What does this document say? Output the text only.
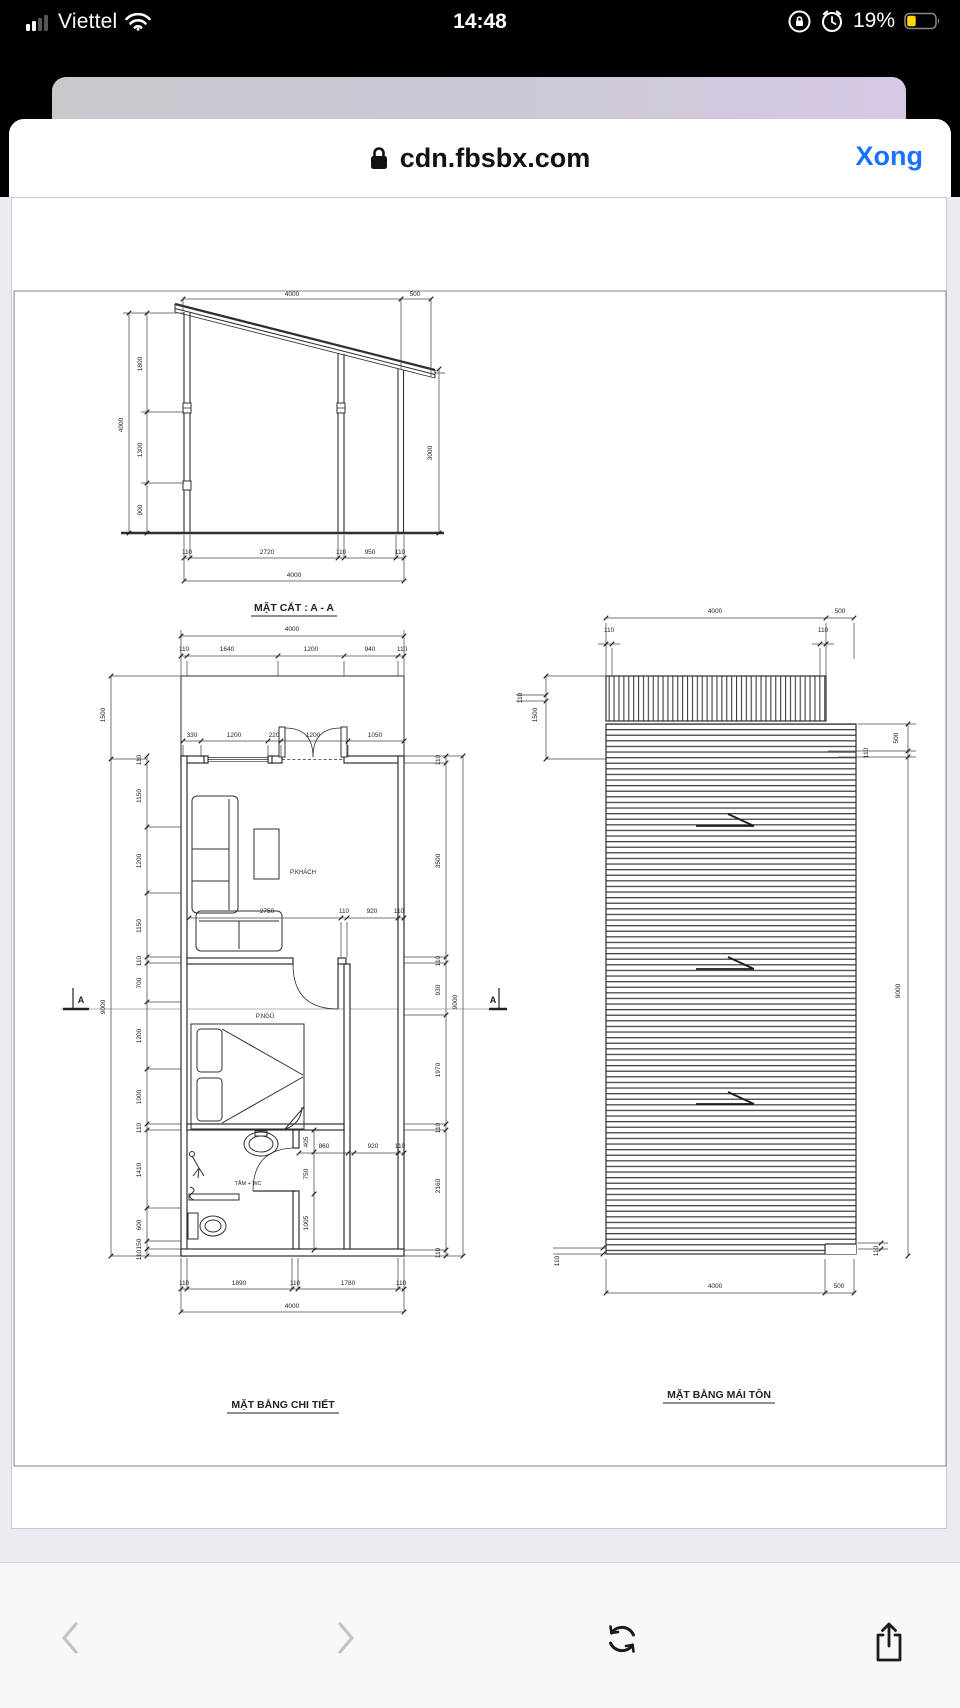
Viettel	14:48	19%
cdn.fbsbx.com	Xong
4000	500
1800
1300
900
4000
3000
110	2720	110	950	110
4000
MẶT CẮT : A - A
4000
110	1640	1200	940	110
330	1200	220	1200	1050
1500
9000
110
1150
1200
1150
110
700
1200
1000
110
1410
600
150
110
110
3500
110
930
1970
110
2160
110
9000
2750	110	920	110
405
750
1005
860	920	110
110	1890	110	1780	110
4000
P.KHÁCH
P.NGỦ
TẮM + WC
A	A
MẶT BẰNG CHI TIẾT
4000	500
110	110
1500
110
500
110
9000
110
110
4000	500
MẶT BẰNG MÁI TÔN
